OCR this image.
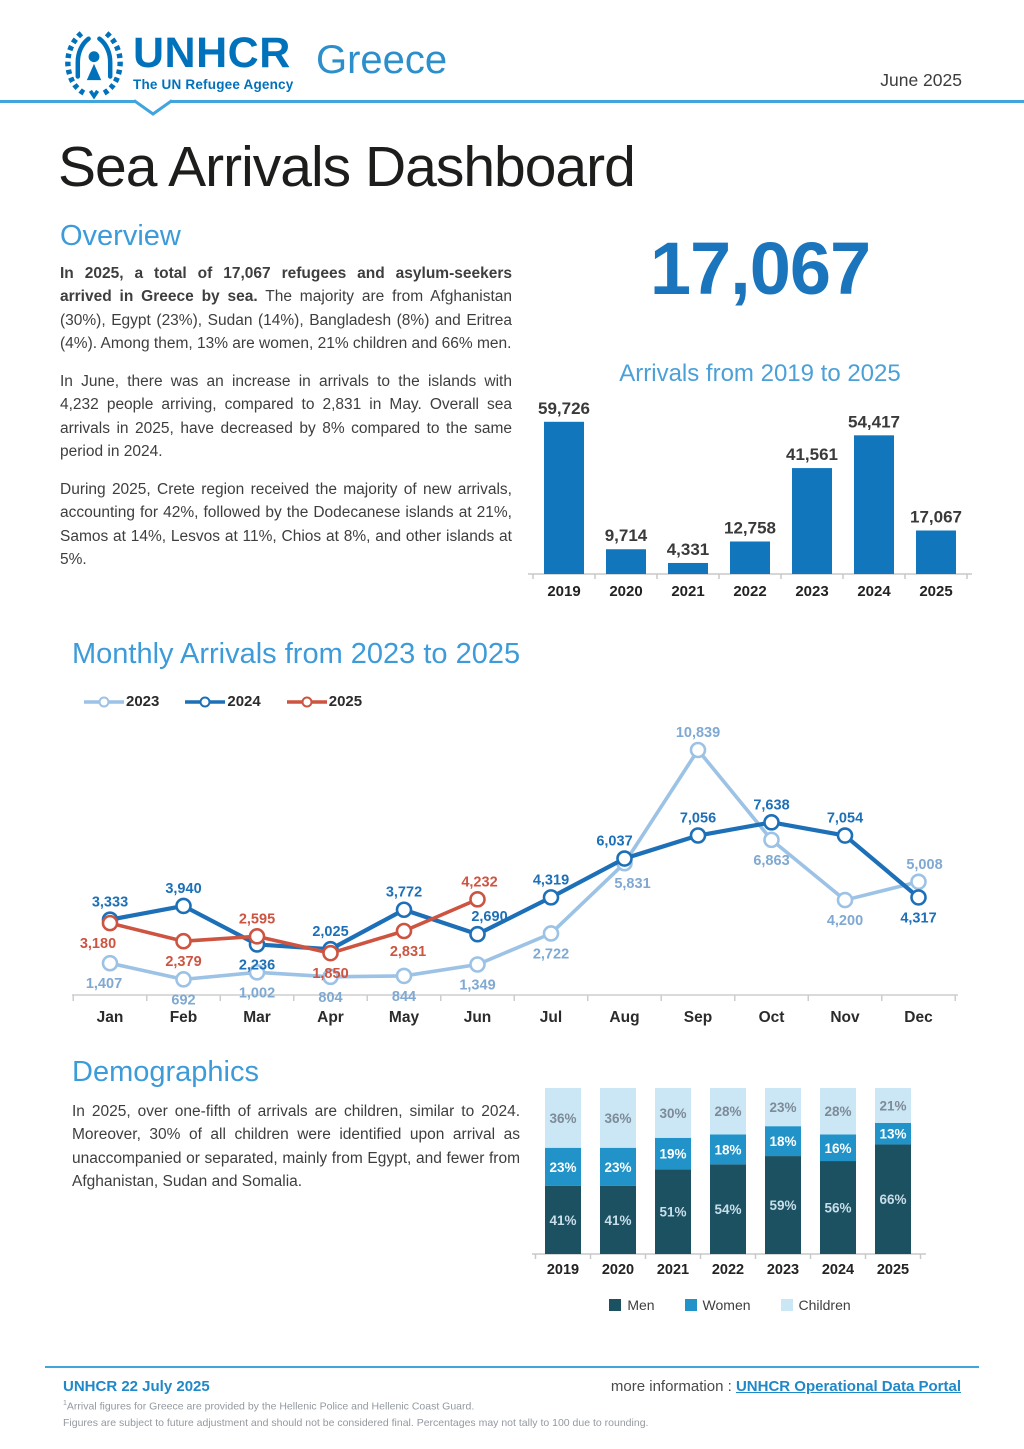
UNHCR
The UN Refugee Agency
Greece	June 2025
Sea Arrivals Dashboard
Overview

In 2025, a total of 17,067 refugees and asylum-seekers arrived in Greece by sea. The majority are from Afghanistan (30%), Egypt (23%), Sudan (14%), Bangladesh (8%) and Eritrea (4%). Among them, 13% are women, 21% children and 66% men.

In June, there was an increase in arrivals to the islands with 4,232 people arriving, compared to 2,831 in May. Overall sea arrivals in 2025, have decreased by 8% compared to the same period in 2024.

During 2025, Crete region received the majority of new arrivals, accounting for 42%, followed by the Dodecanese islands at 21%, Samos at 14%, Lesvos at 11%, Chios at 8%, and other islands at 5%.

17,067
Arrivals from 2019 to 2025
59,726
2019
9,714
2020
4,331
2021
12,758
2022
41,561
2023
54,417
2024
17,067
2025
Monthly Arrivals from 2023 to 2025
2023	2024	2025
Jan	Feb	Mar	Apr	May	Jun	Jul	Aug	Sep	Oct	Nov	Dec
1,407
692	1,002	804	844
1,349
2,722
5,831
10,839
6,863
4,200
5,008
3,333
3,940
2,236
2,025
3,772
2,690
4,319
6,037
7,056
7,638
7,054
4,317
3,180
2,379
2,595
1,850
2,831
4,232
Demographics
In 2025, over one-fifth of arrivals are children, similar to 2024. Moreover, 30% of all children were identified upon arrival as unaccompanied or separated, mainly from Egypt, and fewer from Afghanistan, Sudan and Somalia.
41%
23%
36%
2019
41%
23%
36%
2020
51%
19%
30%
2021
54%
18%
28%
2022
59%
18%
23%
2023
56%
16%
28%
2024
66%
13%
21%
2025
Men	Women	Children
UNHCR 22 July 2025
$^1$Arrival figures for Greece are provided by the Hellenic Police and Hellenic Coast Guard.
Figures are subject to future adjustment and should not be considered final. Percentages may not tally to 100 due to rounding.
more information : UNHCR Operational Data Portal
